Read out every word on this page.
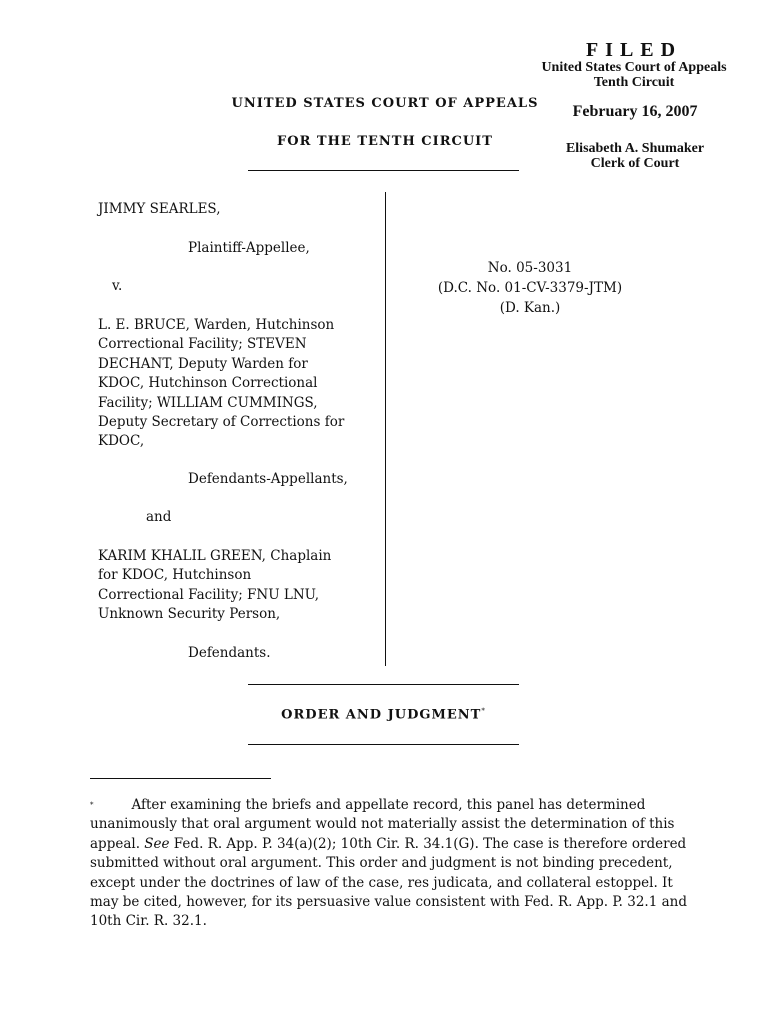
FILED
United States Court of Appeals
Tenth Circuit
February 16, 2007
Elisabeth A. Shumaker
Clerk of Court
UNITED STATES COURT OF APPEALS
FOR THE TENTH CIRCUIT
JIMMY SEARLES,
Plaintiff-Appellee,
v.
L. E. BRUCE, Warden, Hutchinson
Correctional Facility; STEVEN
DECHANT, Deputy Warden for
KDOC, Hutchinson Correctional
Facility; WILLIAM CUMMINGS,
Deputy Secretary of Corrections for
KDOC,
Defendants-Appellants,
and
KARIM KHALIL GREEN, Chaplain
for KDOC, Hutchinson
Correctional Facility; FNU LNU,
Unknown Security Person,
Defendants.
No. 05-3031
(D.C. No. 01-CV-3379-JTM)
(D. Kan.)
ORDER AND JUDGMENT*

*	After examining the briefs and appellate record, this panel has determined unanimously that oral argument would not materially assist the determination of this appeal. See Fed. R. App. P. 34(a)(2); 10th Cir. R. 34.1(G). The case is therefore ordered submitted without oral argument. This order and judgment is not binding precedent, except under the doctrines of law of the case, res judicata, and collateral estoppel. It may be cited, however, for its persuasive value consistent with Fed. R. App. P. 32.1 and 10th Cir. R. 32.1.
